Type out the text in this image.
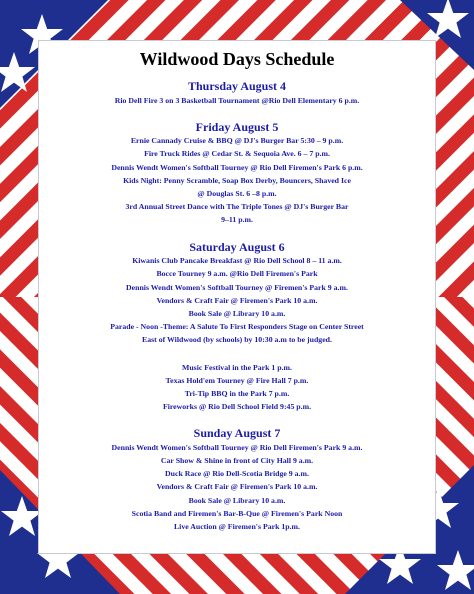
Wildwood Days Schedule
Thursday August 4
Rio Dell Fire 3 on 3 Basketball Tournament @Rio Dell Elementary 6 p.m.
Friday August 5
Ernie Cannady Cruise & BBQ @ DJ's Burger Bar 5:30 – 9 p.m.
Fire Truck Rides @ Cedar St. & Sequoia Ave. 6 – 7 p.m.
Dennis Wendt Women's Softball Tourney @ Rio Dell Firemen's Park 6 p.m.
Kids Night: Penny Scramble, Soap Box Derby, Bouncers, Shaved Ice
@ Douglas St. 6 –8 p.m.
3rd Annual Street Dance with The Triple Tones @ DJ's Burger Bar
9–11 p.m.
Saturday August 6
Kiwanis Club Pancake Breakfast @ Rio Dell School 8 – 11 a.m.
Bocce Tourney 9 a.m. @Rio Dell Firemen's Park
Dennis Wendt Women's Softball Tourney @ Firemen's Park 9 a.m.
Vendors & Craft Fair @ Firemen's Park 10 a.m.
Book Sale @ Library 10 a.m.
Parade - Noon -Theme: A Salute To First Responders Stage on Center Street
East of Wildwood (by schools) by 10:30 a.m to be judged.
Music Festival in the Park 1 p.m.
Texas Hold'em Tourney @ Fire Hall 7 p.m.
Tri-Tip BBQ in the Park 7 p.m.
Fireworks @ Rio Dell School Field 9:45 p.m.
Sunday August 7
Dennis Wendt Women's Softball Tourney @ Rio Dell Firemen's Park 9 a.m.
Car Show & Shine in front of City Hall 9 a.m.
Duck Race @ Rio Dell-Scotia Bridge 9 a.m.
Vendors & Craft Fair @ Firemen's Park 10 a.m.
Book Sale @ Library 10 a.m.
Scotia Band and Firemen's Bar-B-Que @ Firemen's Park Noon
Live Auction @ Firemen's Park 1p.m.
